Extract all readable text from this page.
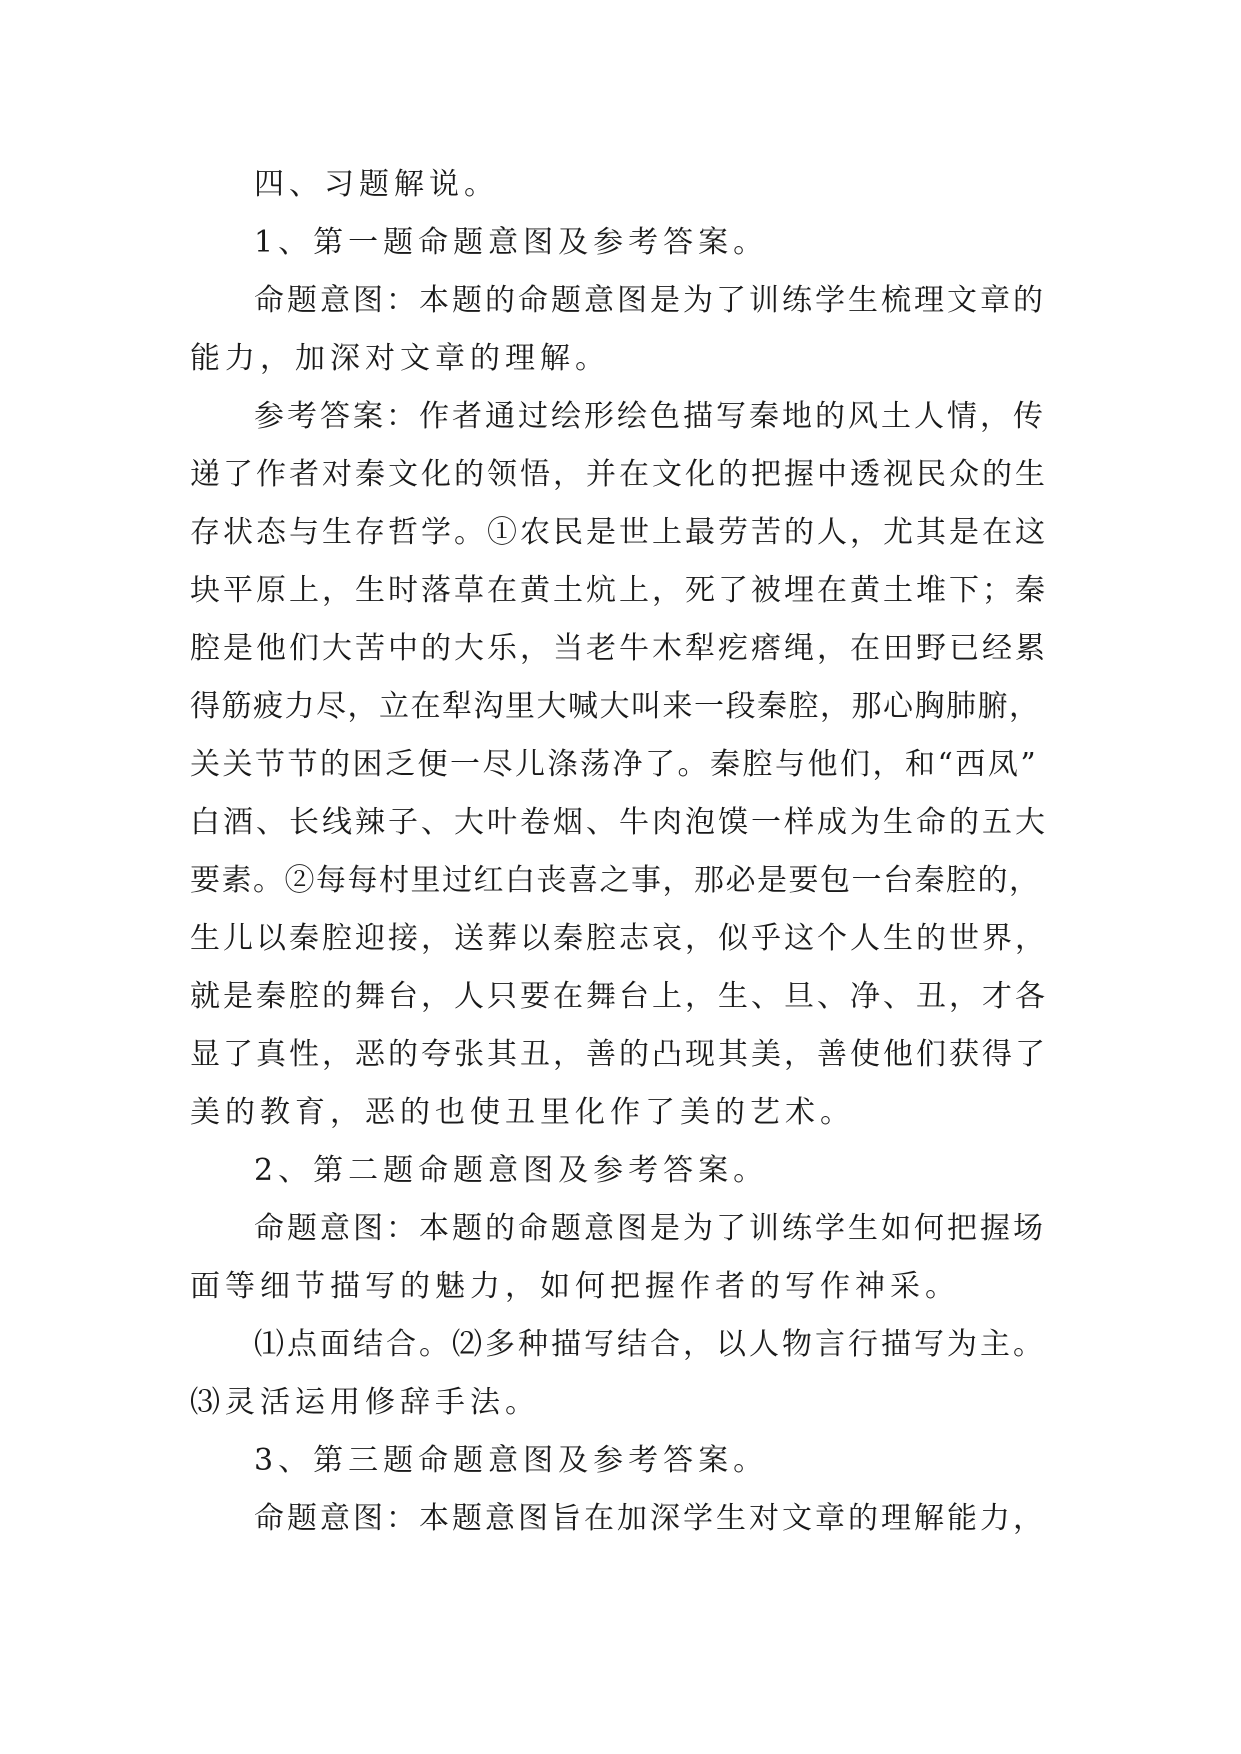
四、习题解说。
1、第一题命题意图及参考答案。
命题意图：本题的命题意图是为了训练学生梳理文章的
能力，加深对文章的理解。
参考答案：作者通过绘形绘色描写秦地的风土人情，传
递了作者对秦文化的领悟，并在文化的把握中透视民众的生
存状态与生存哲学。①农民是世上最劳苦的人，尤其是在这
块平原上，生时落草在黄土炕上，死了被埋在黄土堆下；秦
腔是他们大苦中的大乐，当老牛木犁疙瘩绳，在田野已经累
得筋疲力尽，立在犁沟里大喊大叫来一段秦腔，那心胸肺腑，
关关节节的困乏便一尽儿涤荡净了。秦腔与他们，和“西凤”
白酒、长线辣子、大叶卷烟、牛肉泡馍一样成为生命的五大
要素。②每每村里过红白丧喜之事，那必是要包一台秦腔的，
生儿以秦腔迎接，送葬以秦腔志哀，似乎这个人生的世界，
就是秦腔的舞台，人只要在舞台上，生、旦、净、丑，才各
显了真性，恶的夸张其丑，善的凸现其美，善使他们获得了
美的教育，恶的也使丑里化作了美的艺术。
2、第二题命题意图及参考答案。
命题意图：本题的命题意图是为了训练学生如何把握场
面等细节描写的魅力，如何把握作者的写作神采。
⑴点面结合。⑵多种描写结合，以人物言行描写为主。
⑶灵活运用修辞手法。
3、第三题命题意图及参考答案。
命题意图：本题意图旨在加深学生对文章的理解能力，
